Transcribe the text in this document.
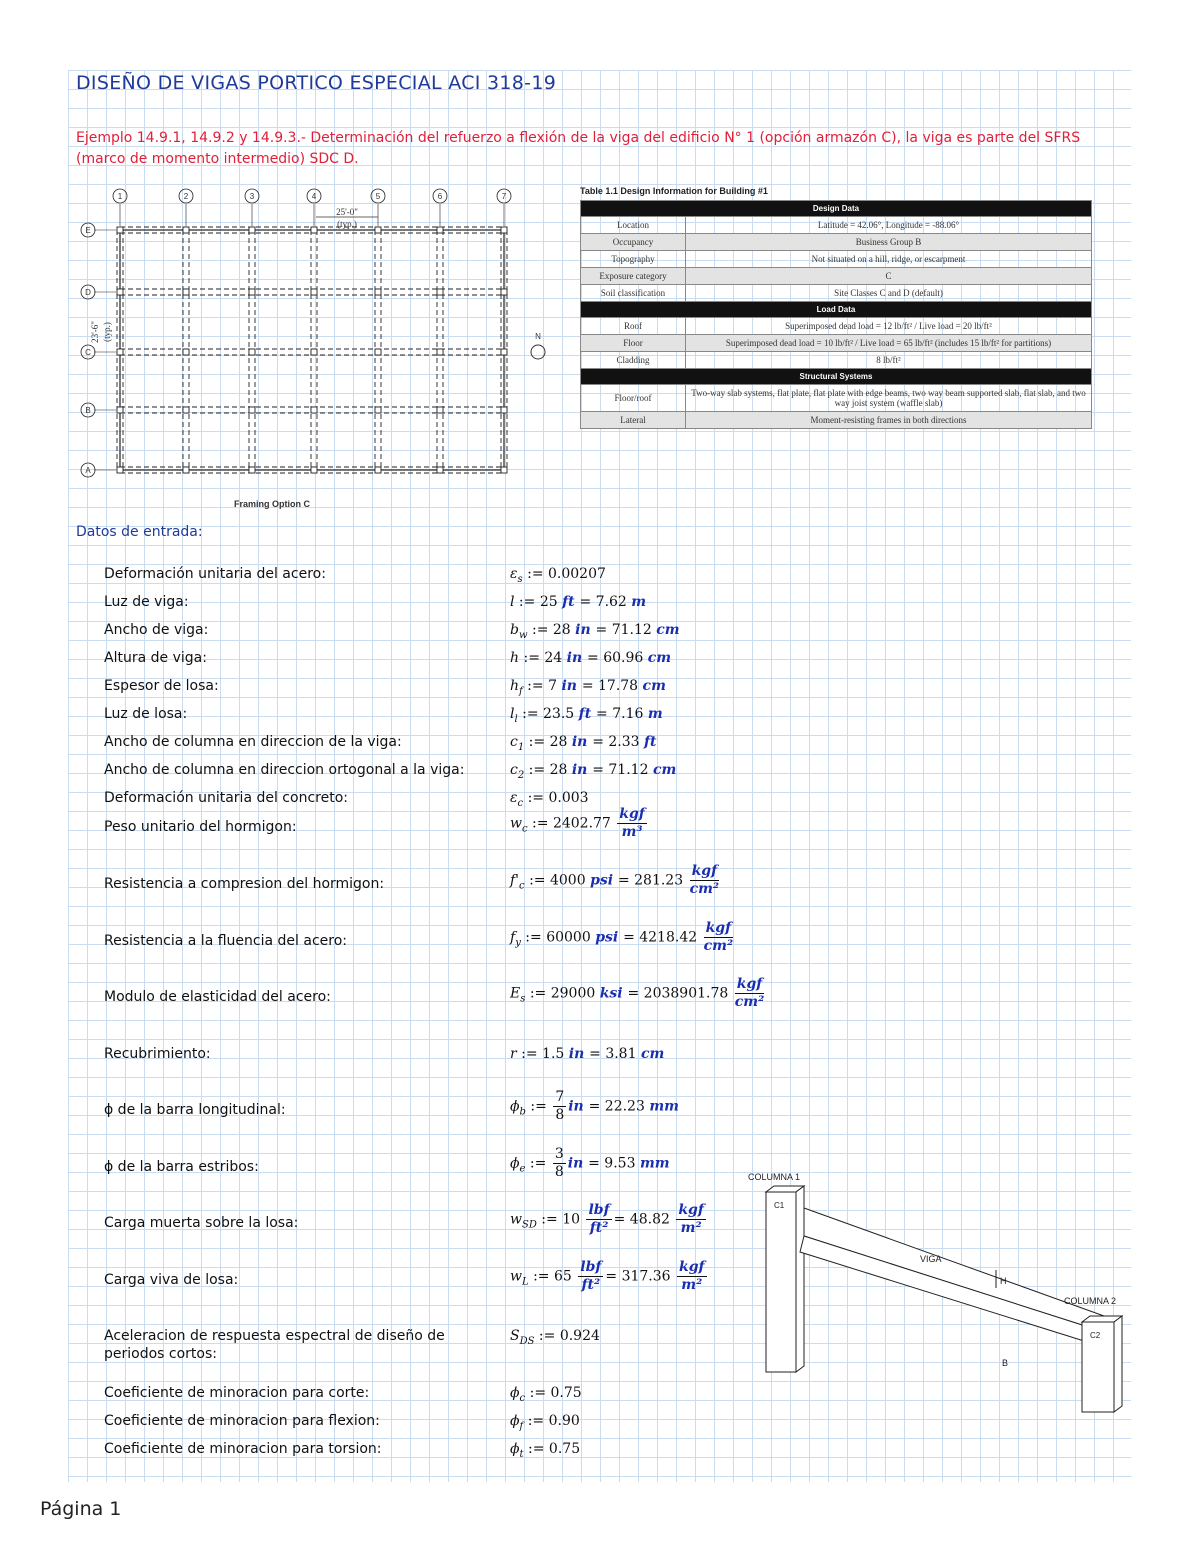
DISEÑO DE VIGAS PORTICO ESPECIAL ACI 318-19
Ejemplo 14.9.1, 14.9.2 y 14.9.3.- Determinación del refuerzo a flexión de la viga del edificio N° 1 (opción armazón C), la viga es parte del SFRS (marco de momento intermedio) SDC D.
1	2	3	4	5	6	7
E
D
C
B
A
25'-0"
(typ.)
23'-6" (typ.)	N
Framing Option C
Table 1.1 Design Information for Building #1
Design Data	
Location	Latitude = 42.06°, Longitude = -88.06°
Occupancy	Business Group B
Topography	Not situated on a hill, ridge, or escarpment
Exposure category	C
Soil classification	Site Classes C and D (default)
Load Data	
Roof	Superimposed dead load = 12 lb/ft² / Live load = 20 lb/ft²
Floor	Superimposed dead load = 10 lb/ft² / Live load = 65 lb/ft² (includes 15 lb/ft² for partitions)
Cladding	8 lb/ft²
Structural Systems	
Floor/roof	Two-way slab systems, flat plate, flat plate with edge beams, two way beam supported slab, flat slab, and two way joist system (waffle slab)
Lateral	Moment-resisting frames in both directions
Datos de entrada:
Deformación unitaria del acero:	$\varepsilon_s$ := 0.00207
Luz de viga:	l := 25 ft = 7.62 m
Ancho de viga:	$b_w$ := 28 in = 71.12 cm
Altura de viga:	h := 24 in = 60.96 cm
Espesor de losa:	$h_f$ := 7 in = 17.78 cm
Luz de losa:	$l_l$ := 23.5 ft = 7.16 m
Ancho de columna en direccion de la viga:	$c_1$ := 28 in = 2.33 ft
Ancho de columna en direccion ortogonal a la viga:	$c_2$ := 28 in = 71.12 cm
Deformación unitaria del concreto:	$\varepsilon_c$ := 0.003
Peso unitario del hormigon:	$w_c$ := $2402.77 \frac{\text{kgf}}{\text{m³}}$
Resistencia a compresion del hormigon:	$f'_c$ := 4000 psi = $281.23 \frac{\text{kgf}}{\text{cm²}}$
Resistencia a la fluencia del acero:	$f_y$ := 60000 psi = $4218.42 \frac{\text{kgf}}{\text{cm²}}$
Modulo de elasticidad del acero:	$E_s$ := 29000 ksi = $2038901.78 \frac{\text{kgf}}{\text{cm²}}$
Recubrimiento:	r := 1.5 in = 3.81 cm
ϕ de la barra longitudinal:	$\phi_b$ := $\frac{7}{8}$ in = 22.23 mm
ϕ de la barra estribos:	$\phi_e$ := $\frac{3}{8}$ in = 9.53 mm
Carga muerta sobre la losa:	$w_{SD}$ := $10 \frac{\text{lbf}}{\text{ft²}} = 48.82 \frac{\text{kgf}}{\text{m²}}$
Carga viva de losa:	$w_L$ := $65 \frac{\text{lbf}}{\text{ft²}} = 317.36 \frac{\text{kgf}}{\text{m²}}$
Aceleracion de respuesta espectral de diseño de periodos cortos:
$S_{DS}$ := 0.924
Coeficiente de minoracion para corte:	$\phi_c$ := 0.75
Coeficiente de minoracion para flexion:	$\phi_f$ := 0.90
Coeficiente de minoracion para torsion:	$\phi_t$ := 0.75
COLUMNA 1
C1
C2
VIGA
H
COLUMNA 2
B
Página 1
